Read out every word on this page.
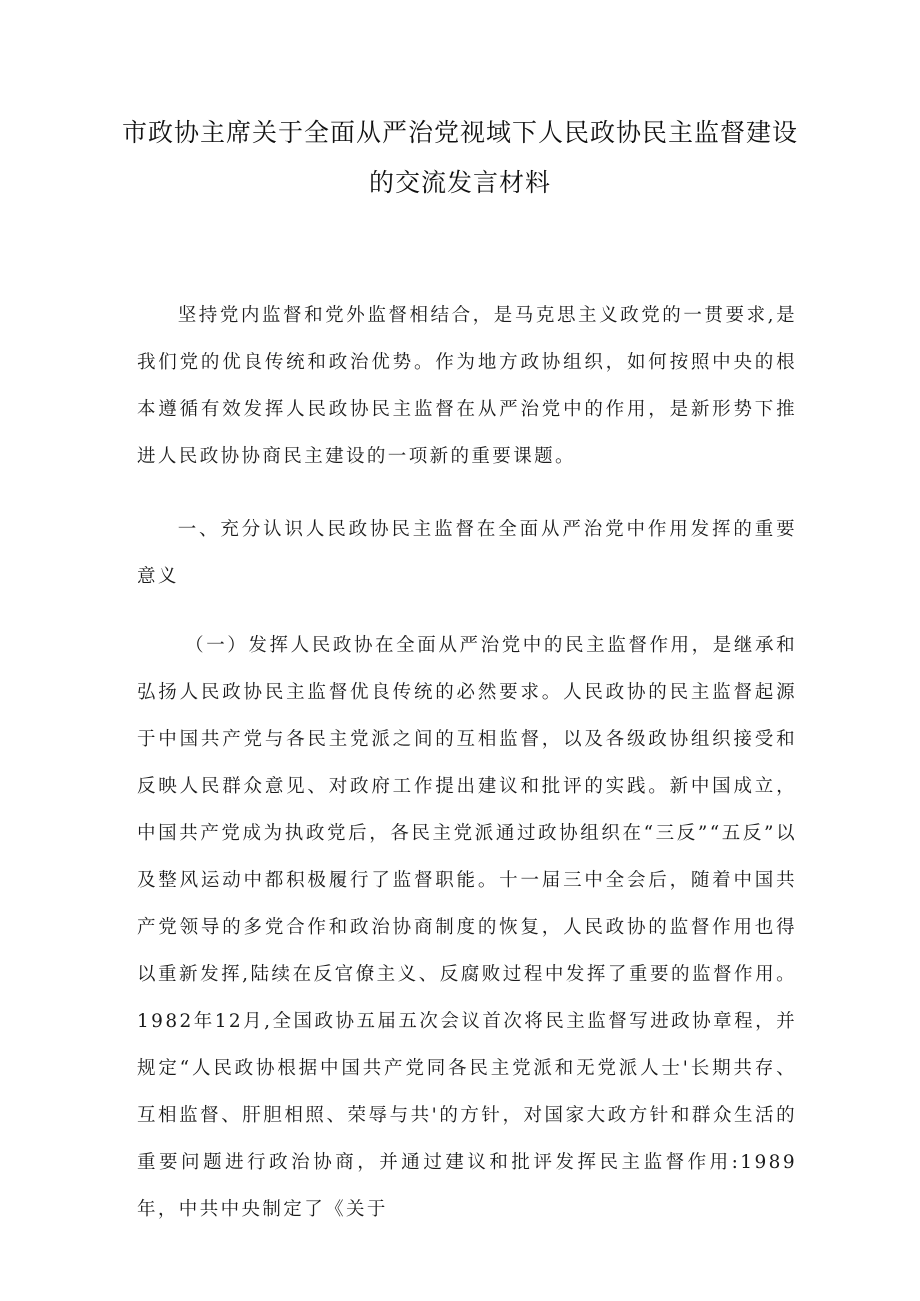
市政协主席关于全面从严治党视域下人民政协民主监督建设的交流发言材料

坚持党内监督和党外监督相结合，是马克思主义政党的一贯要求,是我们党的优良传统和政治优势。作为地方政协组织，如何按照中央的根本遵循有效发挥人民政协民主监督在从严治党中的作用，是新形势下推进人民政协协商民主建设的一项新的重要课题。

一、充分认识人民政协民主监督在全面从严治党中作用发挥的重要意义

（一）发挥人民政协在全面从严治党中的民主监督作用，是继承和弘扬人民政协民主监督优良传统的必然要求。人民政协的民主监督起源于中国共产党与各民主党派之间的互相监督，以及各级政协组织接受和反映人民群众意见、对政府工作提出建议和批评的实践。新中国成立，中国共产党成为执政党后，各民主党派通过政协组织在“三反”“五反”以及整风运动中都积极履行了监督职能。十一届三中全会后，随着中国共产党领导的多党合作和政治协商制度的恢复，人民政协的监督作用也得以重新发挥,陆续在反官僚主义、反腐败过程中发挥了重要的监督作用。1982年12月,全国政协五届五次会议首次将民主监督写进政协章程，并规定“人民政协根据中国共产党同各民主党派和无党派人士'长期共存、互相监督、肝胆相照、荣辱与共'的方针，对国家大政方针和群众生活的重要问题进行政治协商，并通过建议和批评发挥民主监督作用:1989年，中共中央制定了《关于
